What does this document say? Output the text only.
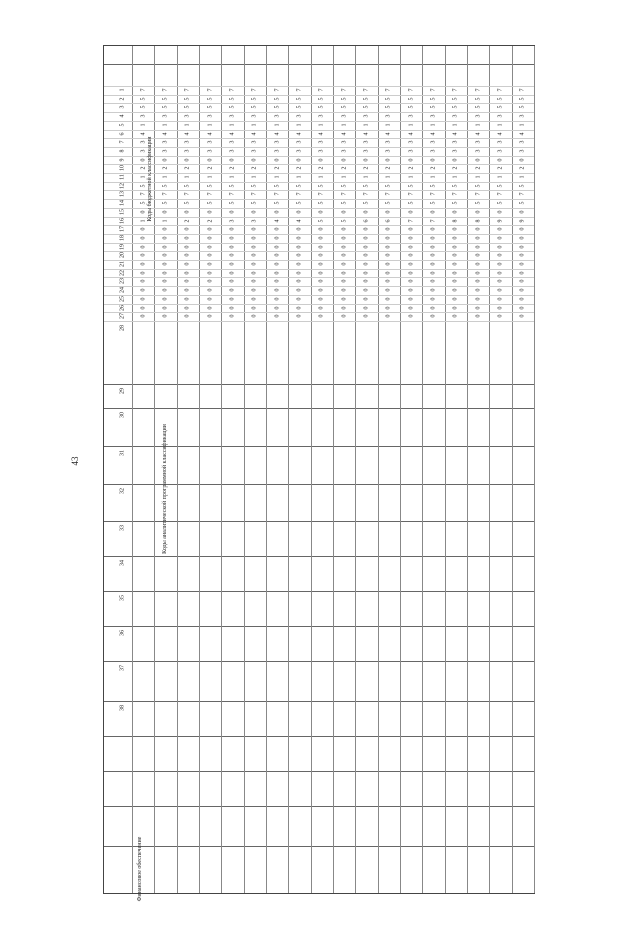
43
Коды бюджетной классификации
Коды аналитической программной классификации
Финансовое обеспечение
7
5
5
3
1
4
3
3
0
2
1
5
7
5
0
1
0
0
0
0
0
0
0
0
0
0
0
7
5
5
3
1
4
3
3
0
2
1
5
7
5
0
1
0
0
0
0
0
0
0
0
0
0
0
7
5
5
3
1
4
3
3
0
2
1
5
7
5
0
2
0
0
0
0
0
0
0
0
0
0
0
7
5
5
3
1
4
3
3
0
2
1
5
7
5
0
2
0
0
0
0
0
0
0
0
0
0
0
7
5
5
3
1
4
3
3
0
2
1
5
7
5
0
3
0
0
0
0
0
0
0
0
0
0
0
7
5
5
3
1
4
3
3
0
2
1
5
7
5
0
3
0
0
0
0
0
0
0
0
0
0
0
7
5
5
3
1
4
3
3
0
2
1
5
7
5
0
4
0
0
0
0
0
0
0
0
0
0
0
7
5
5
3
1
4
3
3
0
2
1
5
7
5
0
4
0
0
0
0
0
0
0
0
0
0
0
7
5
5
3
1
4
3
3
0
2
1
5
7
5
0
5
0
0
0
0
0
0
0
0
0
0
0
7
5
5
3
1
4
3
3
0
2
1
5
7
5
0
5
0
0
0
0
0
0
0
0
0
0
0
7
5
5
3
1
4
3
3
0
2
1
5
7
5
0
6
0
0
0
0
0
0
0
0
0
0
0
7
5
5
3
1
4
3
3
0
2
1
5
7
5
0
6
0
0
0
0
0
0
0
0
0
0
0
7
5
5
3
1
4
3
3
0
2
1
5
7
5
0
7
0
0
0
0
0
0
0
0
0
0
0
7
5
5
3
1
4
3
3
0
2
1
5
7
5
0
7
0
0
0
0
0
0
0
0
0
0
0
7
5
5
3
1
4
3
3
0
2
1
5
7
5
0
8
0
0
0
0
0
0
0
0
0
0
0
7
5
5
3
1
4
3
3
0
2
1
5
7
5
0
8
0
0
0
0
0
0
0
0
0
0
0
7
5
5
3
1
4
3
3
0
2
1
5
7
5
0
9
0
0
0
0
0
0
0
0
0
0
0
7
5
5
3
1
4
3
3
0
2
1
5
7
5
0
9
0
0
0
0
0
0
0
0
0
0
0
1
2
3
4
5
6
7
8
9
10
11
12
13
14
15
16
17
18
19
20
21
22
23
24
25
26
27
28
29
30
31
32
33
34
35
36
37
38
